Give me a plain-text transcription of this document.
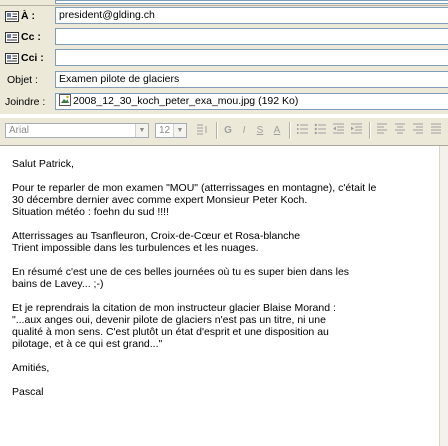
À :	president@glding.ch
Cc :
Cci :
Objet :	Examen pilote de glaciers
Joindre :	2008_12_30_koch_peter_exa_mou.jpg (192 Ko)
Arial	▼	12 ▼	G	I	S	A

Salut Patrick,

Pour te reparler de mon examen "MOU" (atterrissages en montagne), c'était le
30 décembre dernier avec comme expert Monsieur Peter Koch.
Situation météo : foehn du sud !!!!

Atterrissages au Tsanfleuron, Croix-de-Cœur et Rosa-blanche
Trient impossible dans les turbulences et les nuages.

En résumé c'est une de ces belles journées où tu es super bien dans les
bains de Lavey... ;-)

Et je reprendrais la citation de mon instructeur glacier Blaise Morand :
"...aux anges oui, devenir pilote de glaciers n'est pas un titre, ni une
qualité à mon sens. C'est plutôt un état d'esprit et une disposition au
pilotage, et à ce qui est grand..."

Amitiés,

Pascal
